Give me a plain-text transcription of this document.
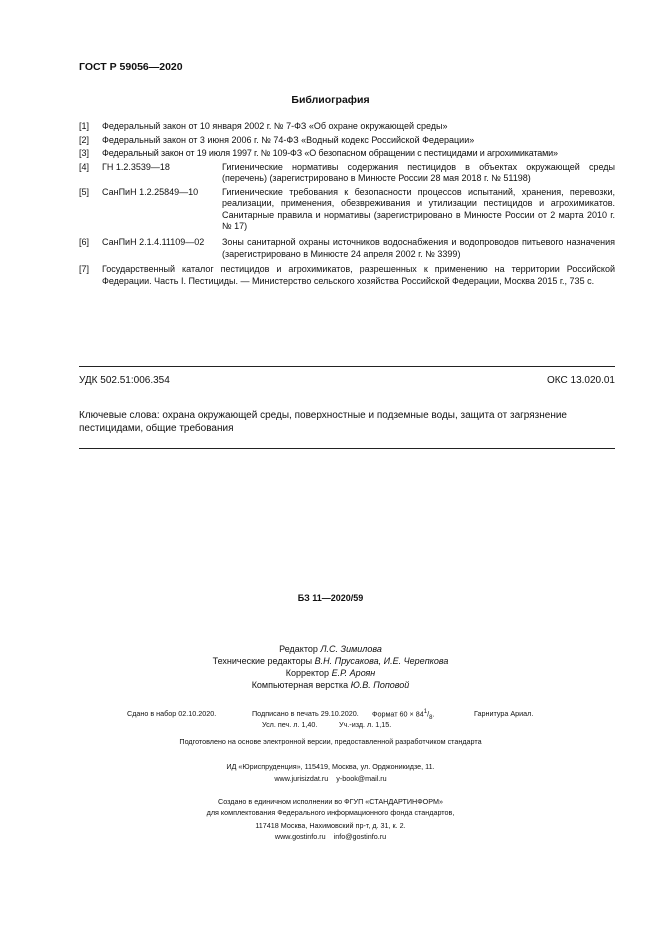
ГОСТ Р 59056—2020
Библиография
[1] Федеральный закон от 10 января 2002 г. № 7-ФЗ «Об охране окружающей среды»
[2] Федеральный закон от 3 июня 2006 г. № 74-ФЗ «Водный кодекс Российской Федерации»
[3] Федеральный закон от 19 июля 1997 г. № 109-ФЗ «О безопасном обращении с пестицидами и агрохимикатами»
[4] ГН 1.2.3539—18	Гигиенические нормативы содержания пестицидов в объектах окружающей среды (перечень) (зарегистрировано в Минюсте России 28 мая 2018 г. № 51198)
[5] СанПиН 1.2.25849—10	Гигиенические требования к безопасности процессов испытаний, хранения, перевозки, реализации, применения, обезвреживания и утилизации пестицидов и агрохимикатов. Санитарные правила и нормативы (зарегистрировано в Минюсте России от 2 марта 2010 г. № 17)
[6] СанПиН 2.1.4.11109—02 Зоны санитарной охраны источников водоснабжения и водопроводов питьевого назначения (зарегистрировано в Минюсте 24 апреля 2002 г. № 3399)
[7] Государственный каталог пестицидов и агрохимикатов, разрешенных к применению на территории Российской Федерации. Часть I. Пестициды. — Министерство сельского хозяйства Российской Федерации, Москва 2015 г., 735 с.
УДК 502.51:006.354	ОКС 13.020.01
Ключевые слова: охрана окружающей среды, поверхностные и подземные воды, защита от загрязнение пестицидами, общие требования
БЗ 11—2020/59
Редактор Л.С. Зимилова
Технические редакторы В.Н. Прусакова, И.Е. Черепкова
Корректор Е.Р. Ароян
Компьютерная верстка Ю.В. Поповой
Сдано в набор 02.10.2020.	Подписано в печать 29.10.2020. Формат $60 \times 84^1/_8$.	Гарнитура Ариал.
Усл. печ. л. 1,40.	Уч.-изд. л. 1,15.
Подготовлено на основе электронной версии, предоставленной разработчиком стандарта
ИД «Юриспруденция», 115419, Москва, ул. Орджоникидзе, 11.
www.jurisizdat.ru y-book@mail.ru
Создано в единичном исполнении во ФГУП «СТАНДАРТИНФОРМ»
для комплектования Федерального информационного фонда стандартов,
117418 Москва, Нахимовский пр-т, д. 31, к. 2.
www.gostinfo.ru info@gostinfo.ru
